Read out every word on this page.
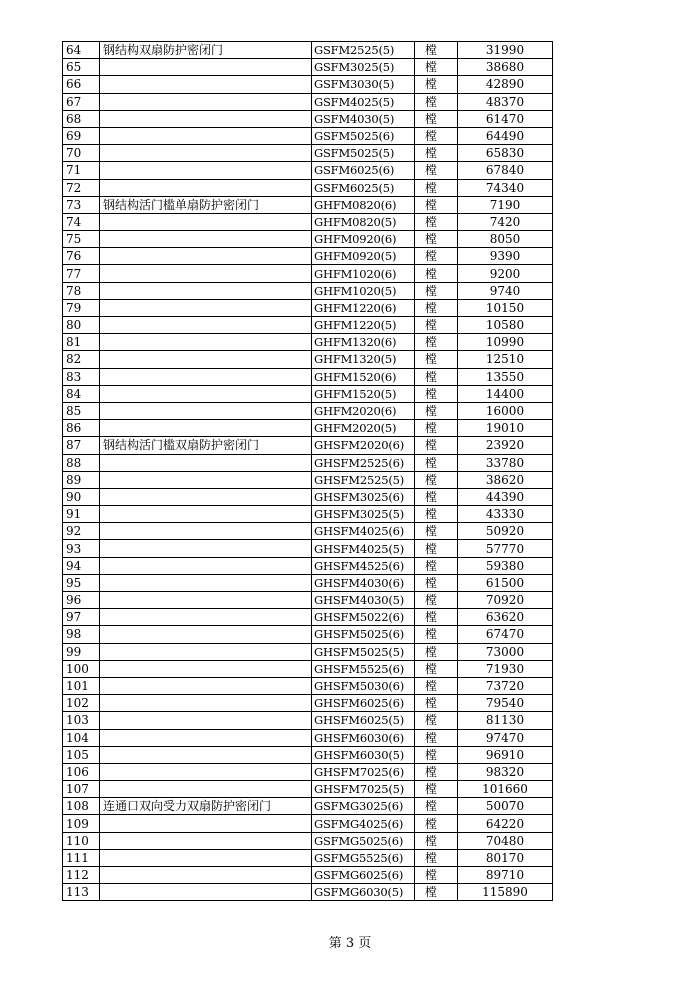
64	钢结构双扇防护密闭门	GSFM2525(5)	樘	31990
65		GSFM3025(5)	樘	38680
66		GSFM3030(5)	樘	42890
67		GSFM4025(5)	樘	48370
68		GSFM4030(5)	樘	61470
69		GSFM5025(6)	樘	64490
70		GSFM5025(5)	樘	65830
71		GSFM6025(6)	樘	67840
72		GSFM6025(5)	樘	74340
73	钢结构活门槛单扇防护密闭门	GHFM0820(6)	樘	7190
74		GHFM0820(5)	樘	7420
75		GHFM0920(6)	樘	8050
76		GHFM0920(5)	樘	9390
77		GHFM1020(6)	樘	9200
78		GHFM1020(5)	樘	9740
79		GHFM1220(6)	樘	10150
80		GHFM1220(5)	樘	10580
81		GHFM1320(6)	樘	10990
82		GHFM1320(5)	樘	12510
83		GHFM1520(6)	樘	13550
84		GHFM1520(5)	樘	14400
85		GHFM2020(6)	樘	16000
86		GHFM2020(5)	樘	19010
87	钢结构活门槛双扇防护密闭门	GHSFM2020(6)	樘	23920
88		GHSFM2525(6)	樘	33780
89		GHSFM2525(5)	樘	38620
90		GHSFM3025(6)	樘	44390
91		GHSFM3025(5)	樘	43330
92		GHSFM4025(6)	樘	50920
93		GHSFM4025(5)	樘	57770
94		GHSFM4525(6)	樘	59380
95		GHSFM4030(6)	樘	61500
96		GHSFM4030(5)	樘	70920
97		GHSFM5022(6)	樘	63620
98		GHSFM5025(6)	樘	67470
99		GHSFM5025(5)	樘	73000
100		GHSFM5525(6)	樘	71930
101		GHSFM5030(6)	樘	73720
102		GHSFM6025(6)	樘	79540
103		GHSFM6025(5)	樘	81130
104		GHSFM6030(6)	樘	97470
105		GHSFM6030(5)	樘	96910
106		GHSFM7025(6)	樘	98320
107		GHSFM7025(5)	樘	101660
108	连通口双向受力双扇防护密闭门	GSFMG3025(6)	樘	50070
109		GSFMG4025(6)	樘	64220
110		GSFMG5025(6)	樘	70480
111		GSFMG5525(6)	樘	80170
112		GSFMG6025(6)	樘	89710
113		GSFMG6030(5)	樘	115890
第 3 页
